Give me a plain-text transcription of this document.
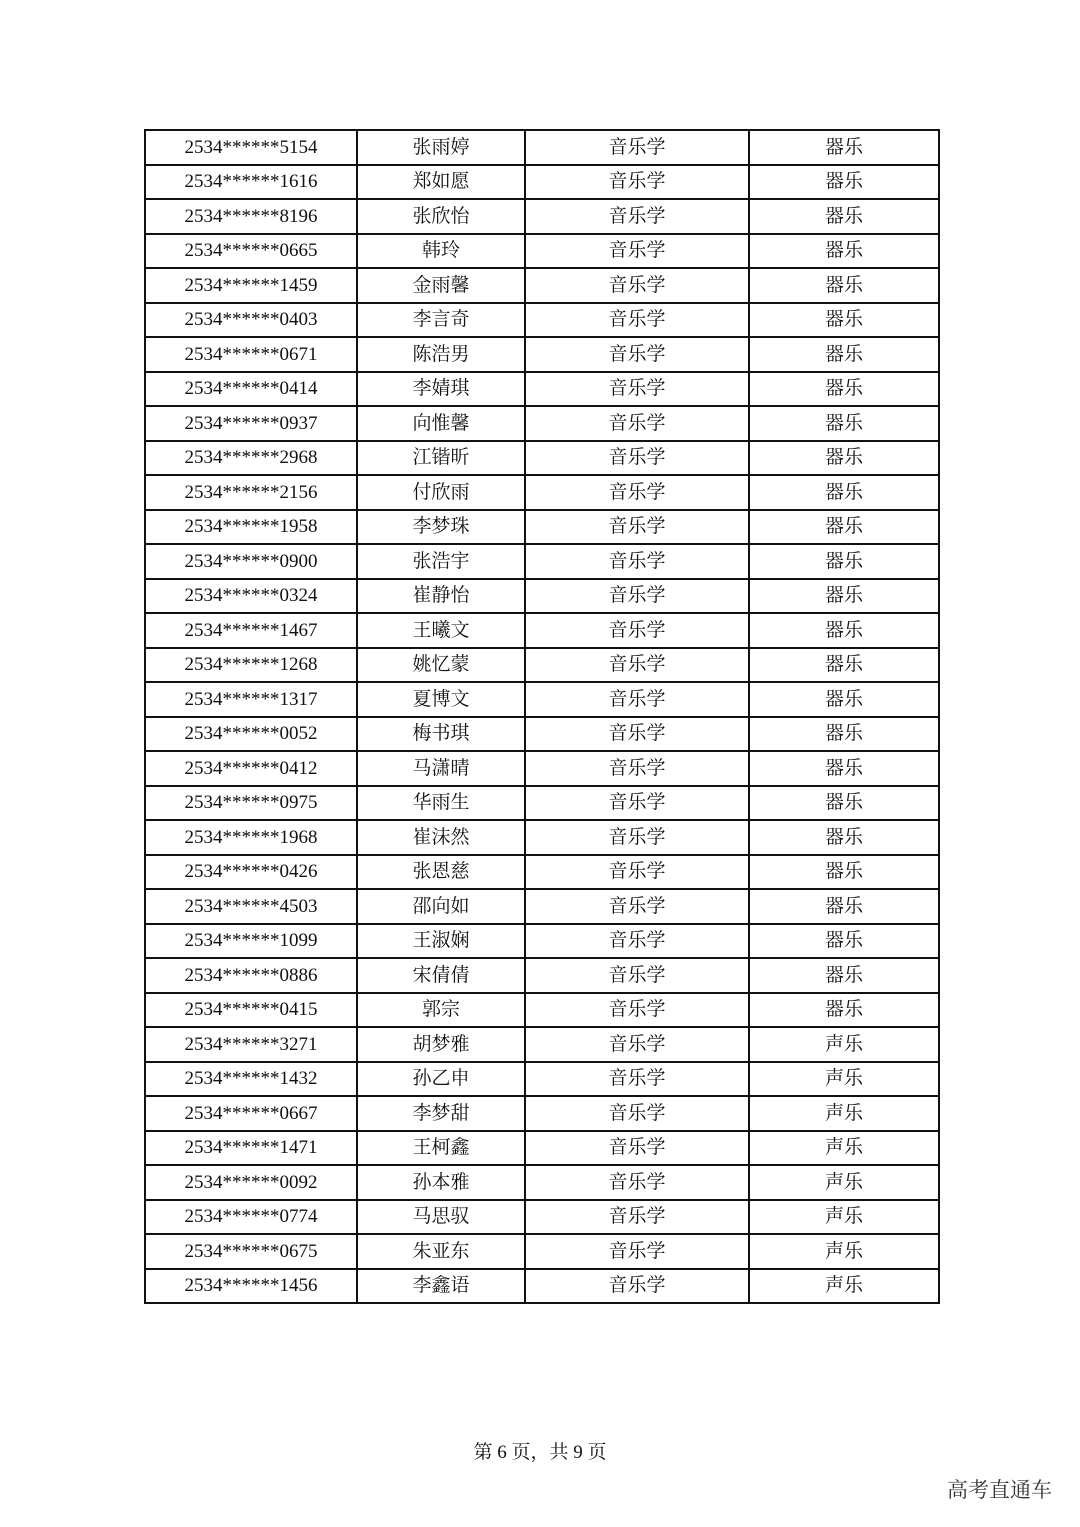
2534******5154	张雨婷	音乐学	器乐
2534******1616	郑如愿	音乐学	器乐
2534******8196	张欣怡	音乐学	器乐
2534******0665	韩玲	音乐学	器乐
2534******1459	金雨馨	音乐学	器乐
2534******0403	李言奇	音乐学	器乐
2534******0671	陈浩男	音乐学	器乐
2534******0414	李婧琪	音乐学	器乐
2534******0937	向惟馨	音乐学	器乐
2534******2968	江锴昕	音乐学	器乐
2534******2156	付欣雨	音乐学	器乐
2534******1958	李梦珠	音乐学	器乐
2534******0900	张浩宇	音乐学	器乐
2534******0324	崔静怡	音乐学	器乐
2534******1467	王曦文	音乐学	器乐
2534******1268	姚忆蒙	音乐学	器乐
2534******1317	夏博文	音乐学	器乐
2534******0052	梅书琪	音乐学	器乐
2534******0412	马潇晴	音乐学	器乐
2534******0975	华雨生	音乐学	器乐
2534******1968	崔沫然	音乐学	器乐
2534******0426	张恩慈	音乐学	器乐
2534******4503	邵向如	音乐学	器乐
2534******1099	王淑娴	音乐学	器乐
2534******0886	宋倩倩	音乐学	器乐
2534******0415	郭宗	音乐学	器乐
2534******3271	胡梦雅	音乐学	声乐
2534******1432	孙乙申	音乐学	声乐
2534******0667	李梦甜	音乐学	声乐
2534******1471	王柯鑫	音乐学	声乐
2534******0092	孙本雅	音乐学	声乐
2534******0774	马思驭	音乐学	声乐
2534******0675	朱亚东	音乐学	声乐
2534******1456	李鑫语	音乐学	声乐
第 6 页，共 9 页
高考直通车
